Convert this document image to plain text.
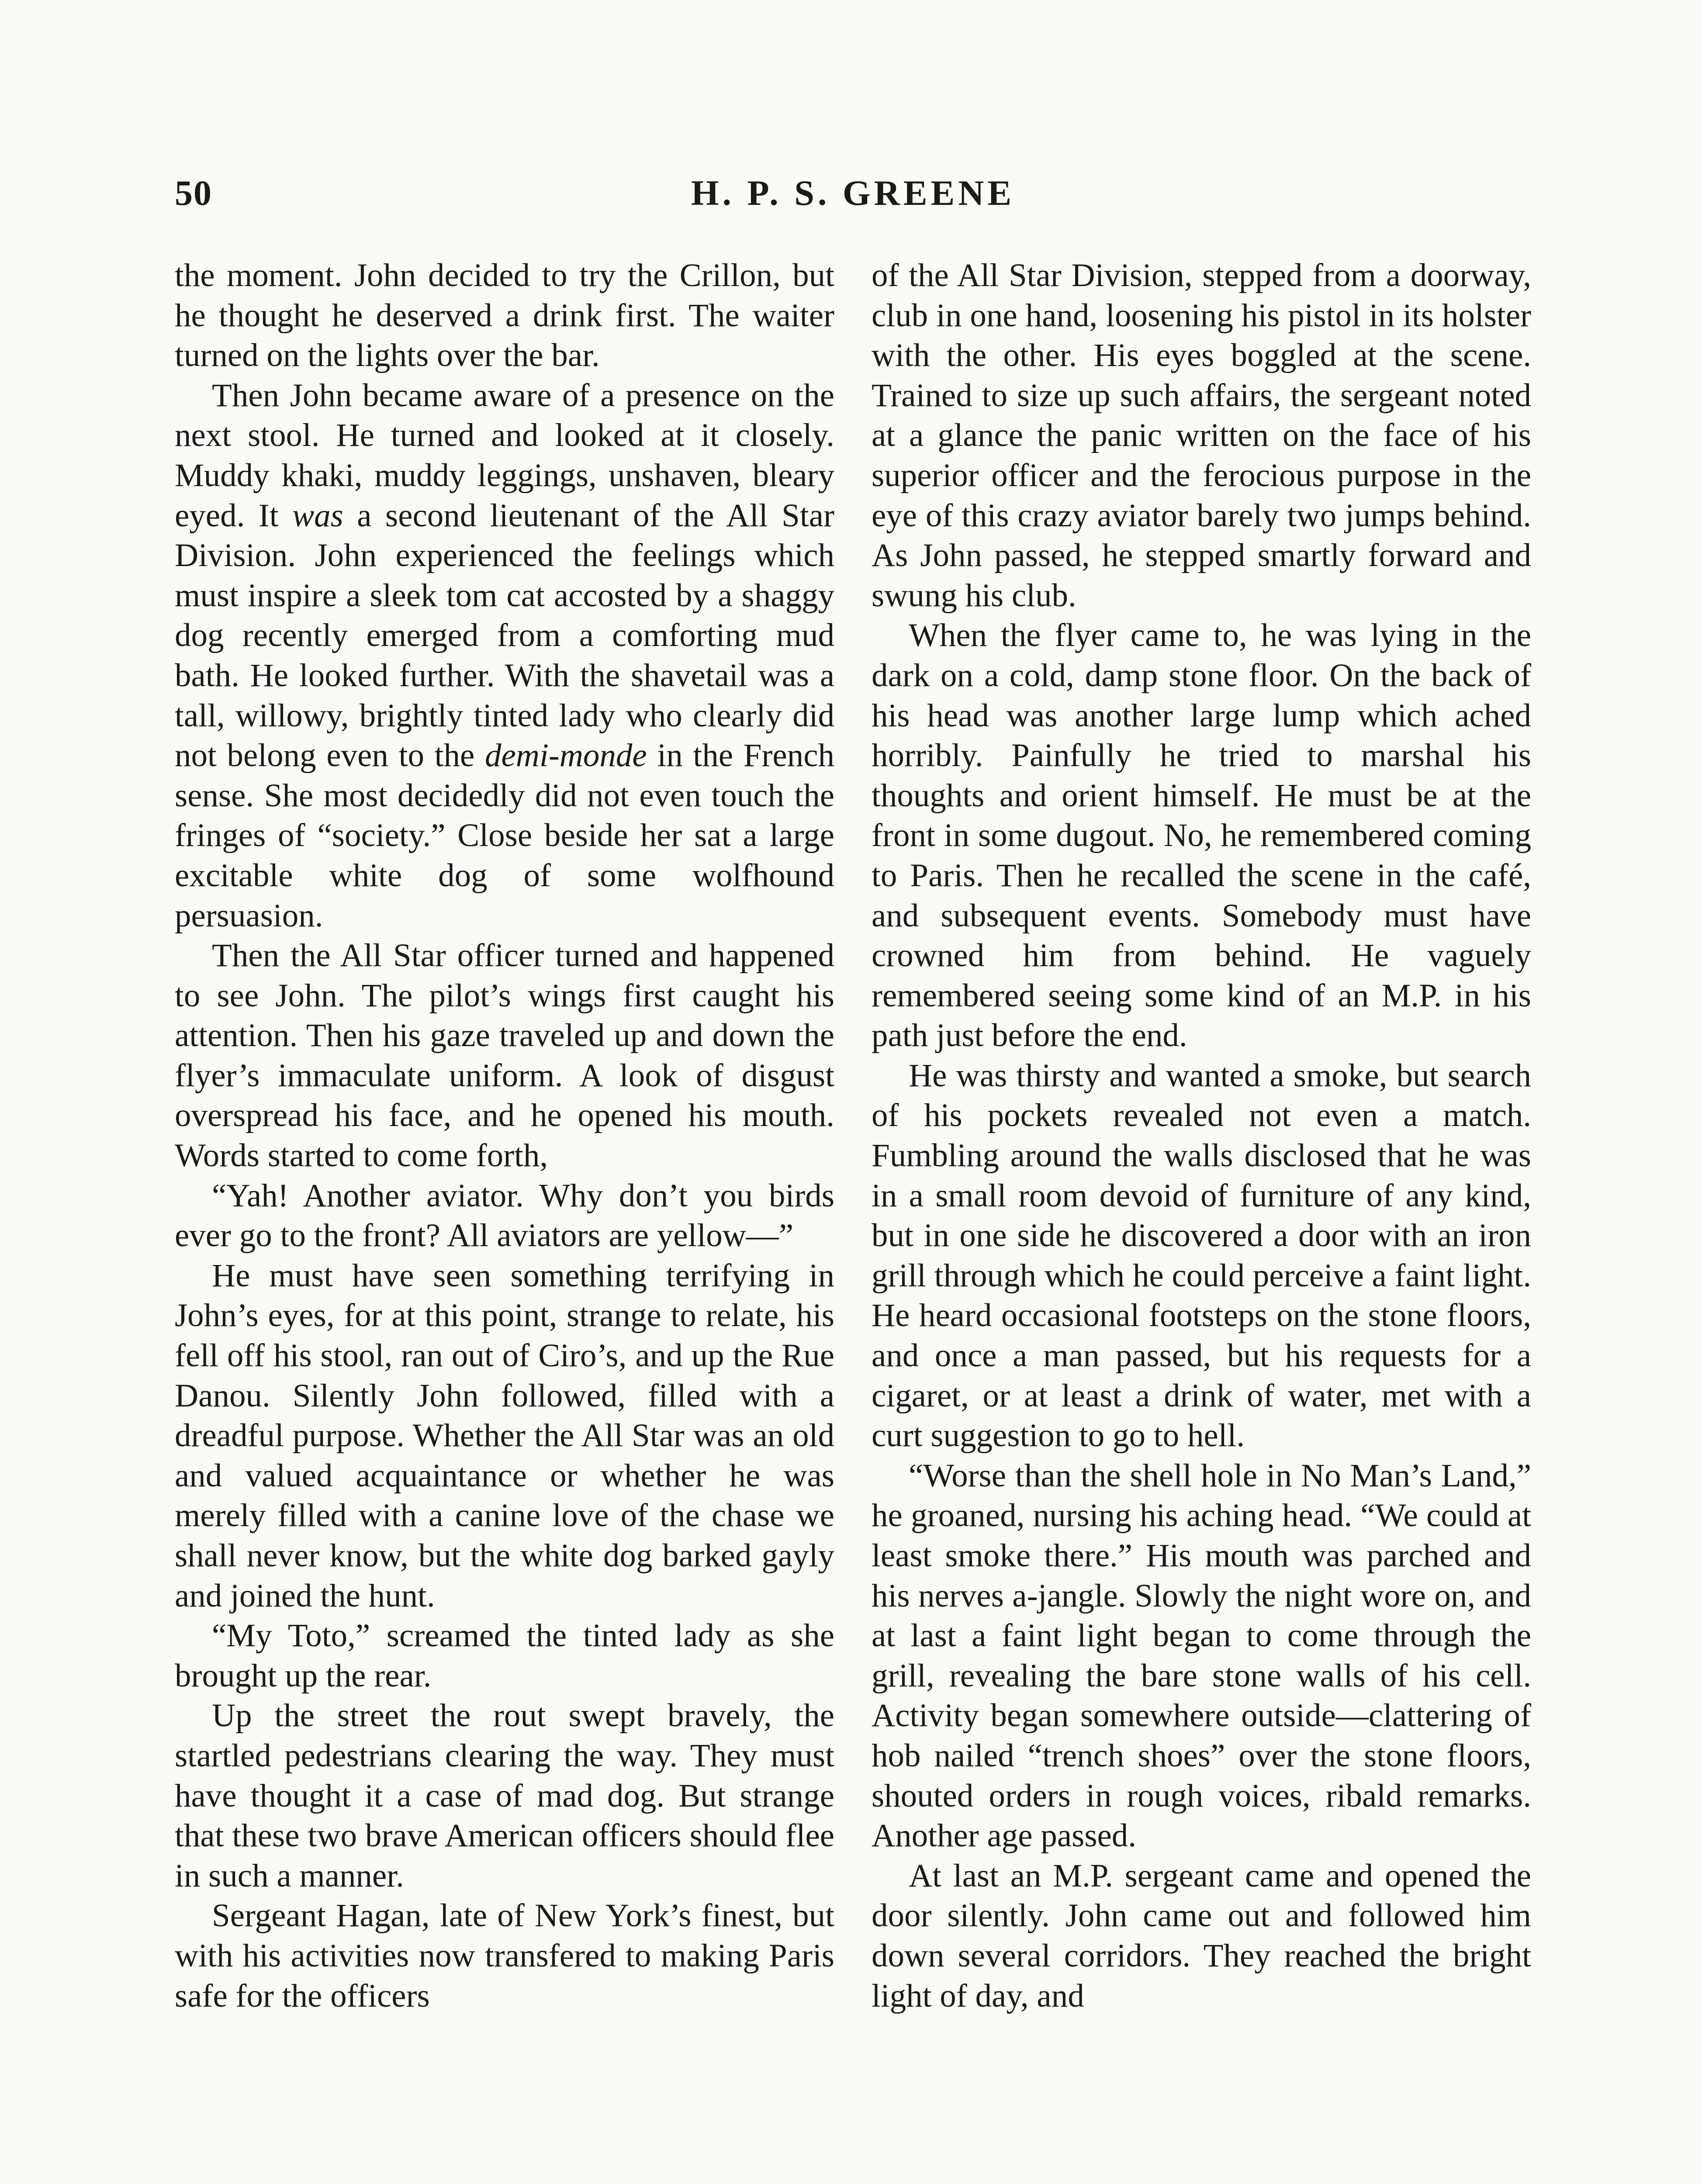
50	H. P. S. GREENE

the moment. John decided to try the Crillon, but he thought he deserved a drink first. The waiter turned on the lights over the bar.

Then John became aware of a presence on the next stool. He turned and looked at it closely. Muddy khaki, muddy leggings, unshaven, bleary eyed. It was a second lieutenant of the All Star Division. John experienced the feelings which must inspire a sleek tom cat accosted by a shaggy dog recently emerged from a comforting mud bath. He looked further. With the shavetail was a tall, willowy, brightly tinted lady who clearly did not belong even to the demi-monde in the French sense. She most decidedly did not even touch the fringes of “society.” Close beside her sat a large excitable white dog of some wolfhound persuasion.

Then the All Star officer turned and happened to see John. The pilot’s wings first caught his attention. Then his gaze traveled up and down the flyer’s immaculate uniform. A look of disgust overspread his face, and he opened his mouth. Words started to come forth,

“Yah! Another aviator. Why don’t you birds ever go to the front? All aviators are yellow—”

He must have seen something terrifying in John’s eyes, for at this point, strange to relate, his fell off his stool, ran out of Ciro’s, and up the Rue Danou. Silently John followed, filled with a dreadful purpose. Whether the All Star was an old and valued acquaintance or whether he was merely filled with a canine love of the chase we shall never know, but the white dog barked gayly and joined the hunt.

“My Toto,” screamed the tinted lady as she brought up the rear.

Up the street the rout swept bravely, the startled pedestrians clearing the way. They must have thought it a case of mad dog. But strange that these two brave American officers should flee in such a manner.

Sergeant Hagan, late of New York’s finest, but with his activities now transfered to making Paris safe for the officers

of the All Star Division, stepped from a doorway, club in one hand, loosening his pistol in its holster with the other. His eyes boggled at the scene. Trained to size up such affairs, the sergeant noted at a glance the panic written on the face of his superior officer and the ferocious purpose in the eye of this crazy aviator barely two jumps behind. As John passed, he stepped smartly forward and swung his club.

When the flyer came to, he was lying in the dark on a cold, damp stone floor. On the back of his head was another large lump which ached horribly. Painfully he tried to marshal his thoughts and orient himself. He must be at the front in some dugout. No, he remembered coming to Paris. Then he recalled the scene in the café, and subsequent events. Somebody must have crowned him from behind. He vaguely remembered seeing some kind of an M.P. in his path just before the end.

He was thirsty and wanted a smoke, but search of his pockets revealed not even a match. Fumbling around the walls disclosed that he was in a small room devoid of furniture of any kind, but in one side he discovered a door with an iron grill through which he could perceive a faint light. He heard occasional footsteps on the stone floors, and once a man passed, but his requests for a cigaret, or at least a drink of water, met with a curt suggestion to go to hell.

“Worse than the shell hole in No Man’s Land,” he groaned, nursing his aching head. “We could at least smoke there.” His mouth was parched and his nerves a-jangle. Slowly the night wore on, and at last a faint light began to come through the grill, revealing the bare stone walls of his cell. Activity began somewhere outside—clattering of hob nailed “trench shoes” over the stone floors, shouted orders in rough voices, ribald remarks. Another age passed.

At last an M.P. sergeant came and opened the door silently. John came out and followed him down several corridors. They reached the bright light of day, and
